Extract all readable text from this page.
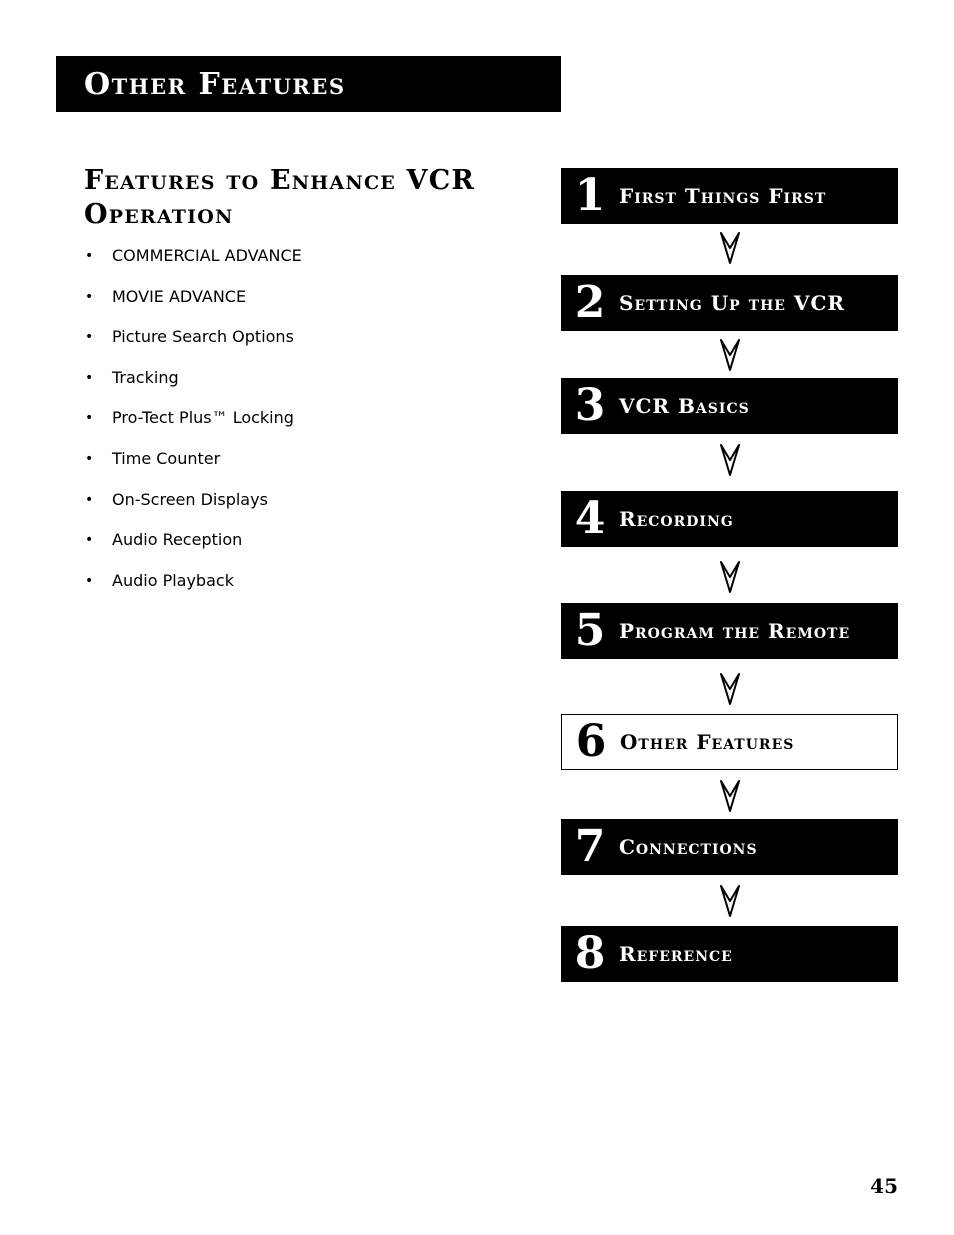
Other Features
Features to Enhance VCR Operation
• COMMERCIAL ADVANCE
• MOVIE ADVANCE
• Picture Search Options
• Tracking
• Pro-Tect Plus™ Locking
• Time Counter
• On-Screen Displays
• Audio Reception
• Audio Playback
1 First Things First
2 Setting Up the VCR
3 VCR Basics
4 Recording
5 Program the Remote
6 Other Features
7 Connections
8 Reference
45
